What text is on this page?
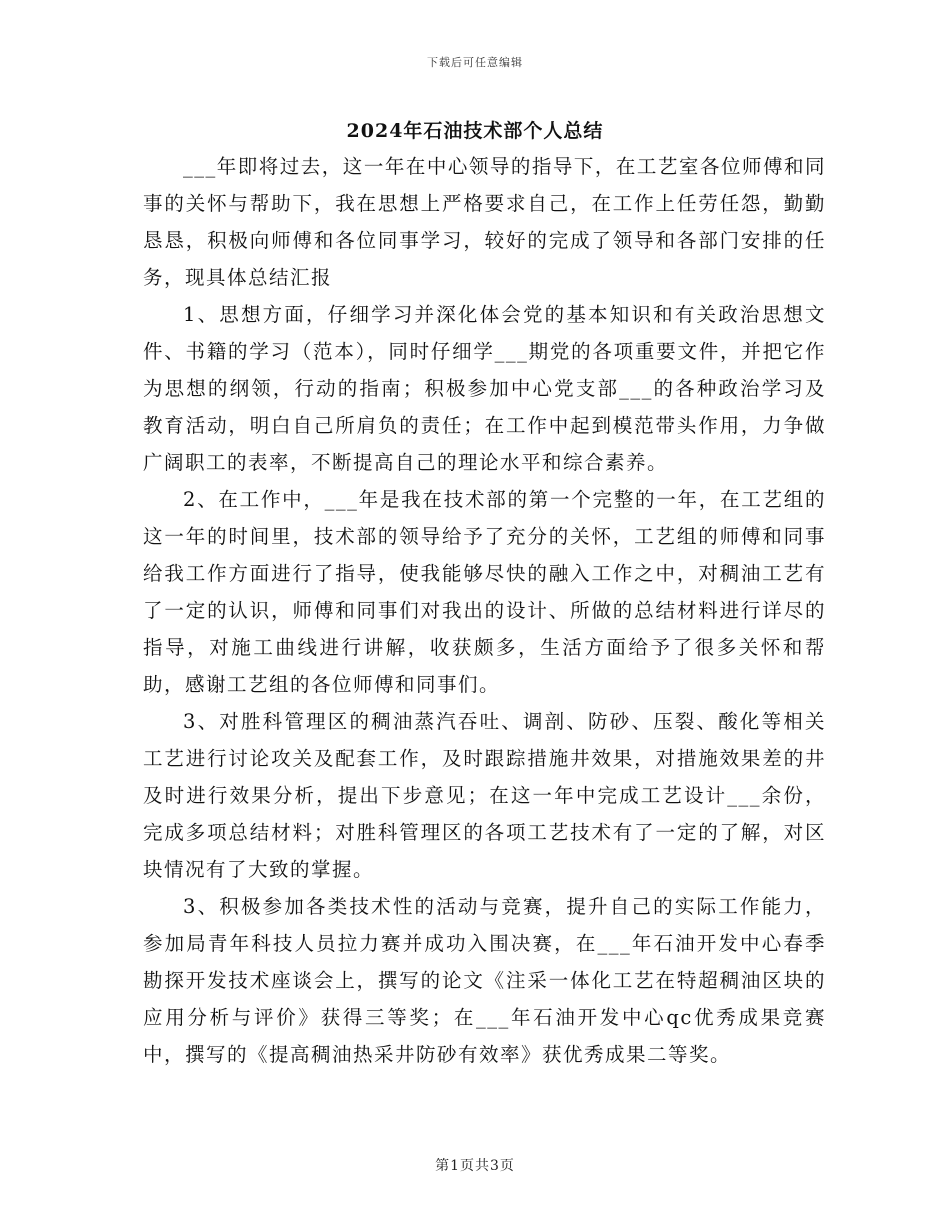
下载后可任意编辑
2024年石油技术部个人总结

___年即将过去，这一年在中心领导的指导下，在工艺室各位师傅和同事的关怀与帮助下，我在思想上严格要求自己，在工作上任劳任怨，勤勤恳恳，积极向师傅和各位同事学习，较好的完成了领导和各部门安排的任务，现具体总结汇报

1、思想方面，仔细学习并深化体会党的基本知识和有关政治思想文件、书籍的学习（范本），同时仔细学___期党的各项重要文件，并把它作为思想的纲领，行动的指南；积极参加中心党支部___的各种政治学习及教育活动，明白自己所肩负的责任；在工作中起到模范带头作用，力争做广阔职工的表率，不断提高自己的理论水平和综合素养。

2、在工作中，___年是我在技术部的第一个完整的一年，在工艺组的这一年的时间里，技术部的领导给予了充分的关怀，工艺组的师傅和同事给我工作方面进行了指导，使我能够尽快的融入工作之中，对稠油工艺有了一定的认识，师傅和同事们对我出的设计、所做的总结材料进行详尽的指导，对施工曲线进行讲解，收获颇多，生活方面给予了很多关怀和帮助，感谢工艺组的各位师傅和同事们。

3、对胜科管理区的稠油蒸汽吞吐、调剖、防砂、压裂、酸化等相关工艺进行讨论攻关及配套工作，及时跟踪措施井效果，对措施效果差的井及时进行效果分析，提出下步意见；在这一年中完成工艺设计___余份，完成多项总结材料；对胜科管理区的各项工艺技术有了一定的了解，对区块情况有了大致的掌握。

3、积极参加各类技术性的活动与竞赛，提升自己的实际工作能力，参加局青年科技人员拉力赛并成功入围决赛，在___年石油开发中心春季勘探开发技术座谈会上，撰写的论文《注采一体化工艺在特超稠油区块的应用分析与评价》获得三等奖；在___年石油开发中心qc优秀成果竞赛中，撰写的《提高稠油热采井防砂有效率》获优秀成果二等奖。

第1页共3页
